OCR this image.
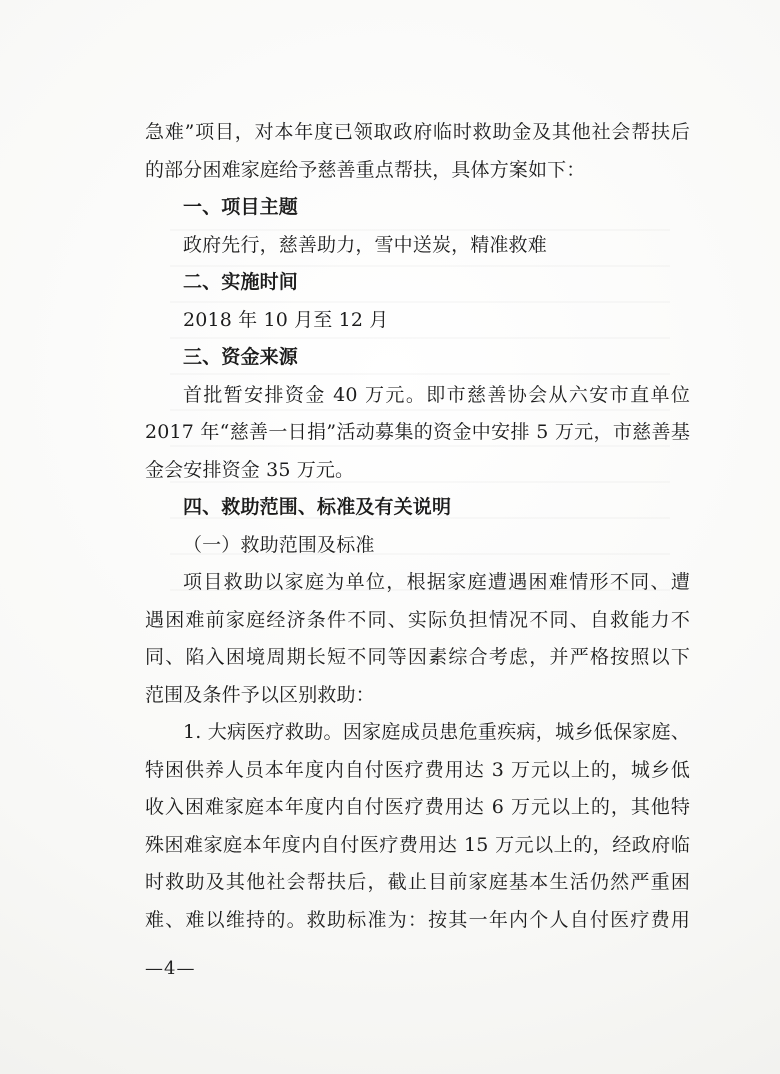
急难”项目，对本年度已领取政府临时救助金及其他社会帮扶后
的部分困难家庭给予慈善重点帮扶，具体方案如下：
一、项目主题
政府先行，慈善助力，雪中送炭，精准救难
二、实施时间
2018 年 10 月至 12 月
三、资金来源
首批暂安排资金 40 万元。即市慈善协会从六安市直单位
2017 年“慈善一日捐”活动募集的资金中安排 5 万元，市慈善基
金会安排资金 35 万元。
四、救助范围、标准及有关说明
（一）救助范围及标准
项目救助以家庭为单位，根据家庭遭遇困难情形不同、遭
遇困难前家庭经济条件不同、实际负担情况不同、自救能力不
同、陷入困境周期长短不同等因素综合考虑，并严格按照以下
范围及条件予以区别救助：
1. 大病医疗救助。因家庭成员患危重疾病，城乡低保家庭、
特困供养人员本年度内自付医疗费用达 3 万元以上的，城乡低
收入困难家庭本年度内自付医疗费用达 6 万元以上的，其他特
殊困难家庭本年度内自付医疗费用达 15 万元以上的，经政府临
时救助及其他社会帮扶后，截止目前家庭基本生活仍然严重困
难、难以维持的。救助标准为：按其一年内个人自付医疗费用
—4—
